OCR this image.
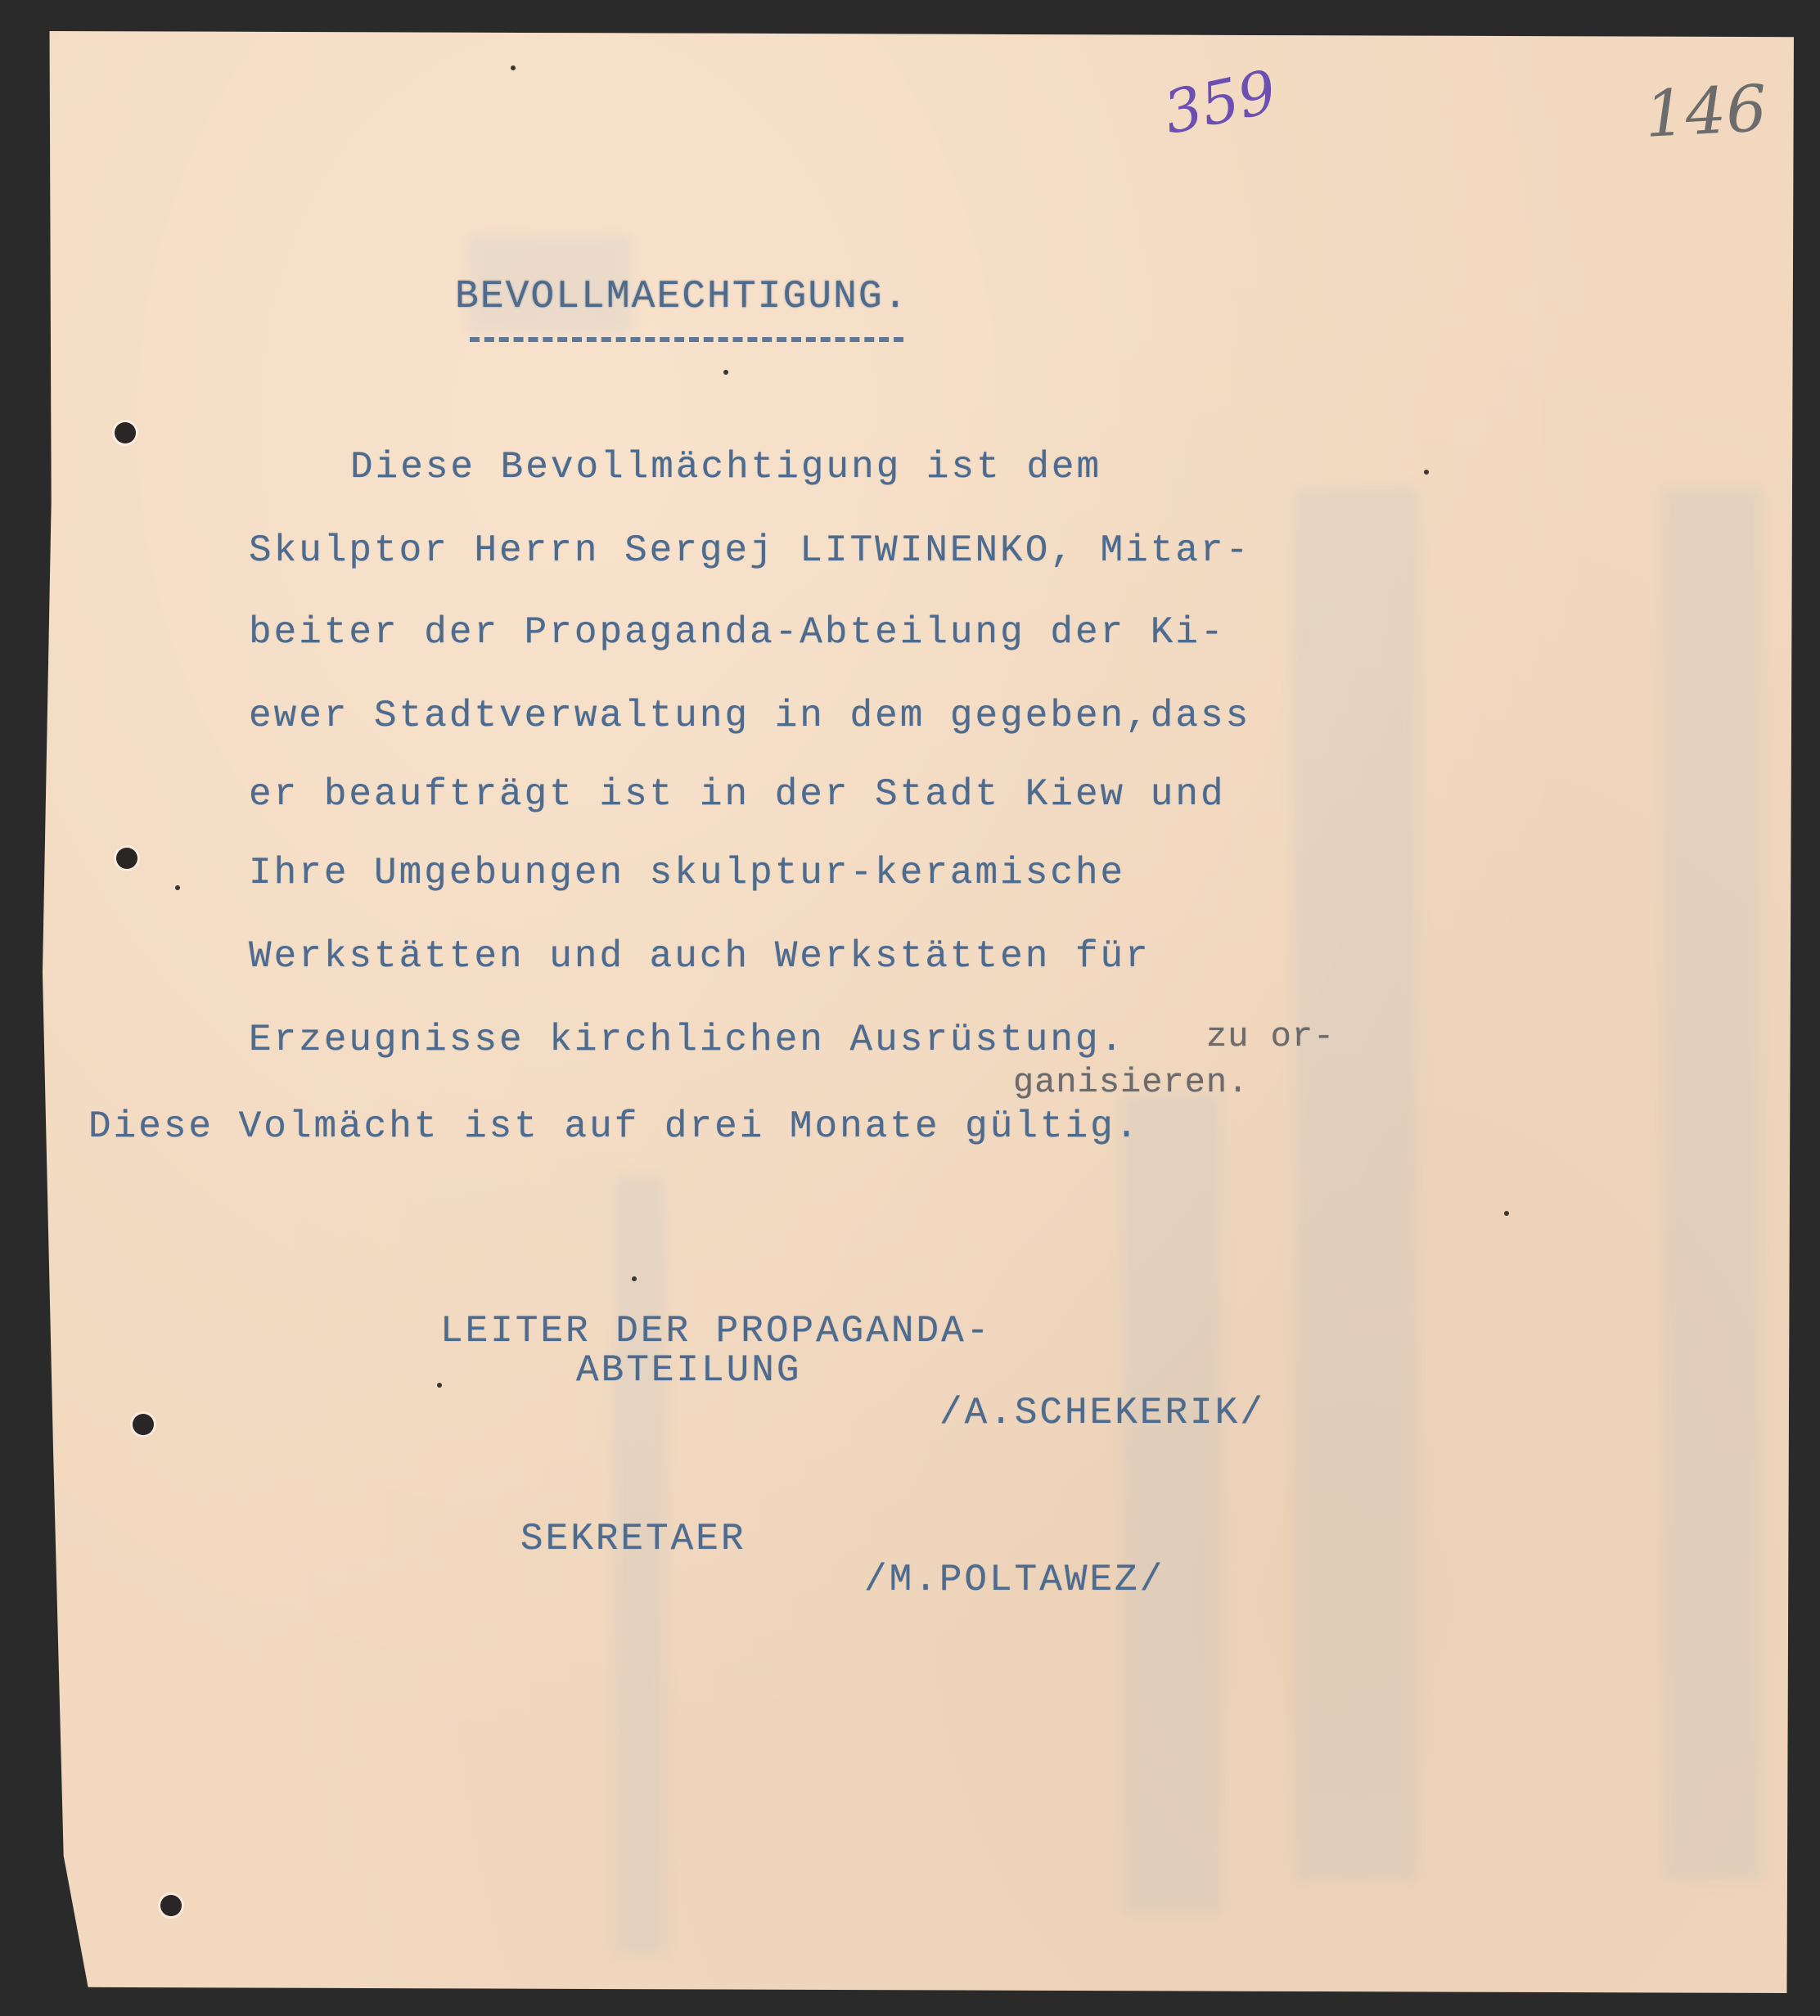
359	146
BEVOLLMAECHTIGUNG.

Diese Bevollmächtigung ist dem

Skulptor Herrn Sergej LITWINENKO, Mitar-

beiter der Propaganda-Abteilung der Ki-

ewer Stadtverwaltung in dem gegeben,dass

er beaufträgt ist in der Stadt Kiew und

Ihre Umgebungen skulptur-keramische

Werkstätten und auch Werkstätten für

Erzeugnisse kirchlichen Ausrüstung. zu or-

ganisieren.

Diese Volmächt ist auf drei Monate gültig.

LEITER DER PROPAGANDA-

ABTEILUNG

/A.SCHEKERIK/

SEKRETAER

/M.POLTAWEZ/
